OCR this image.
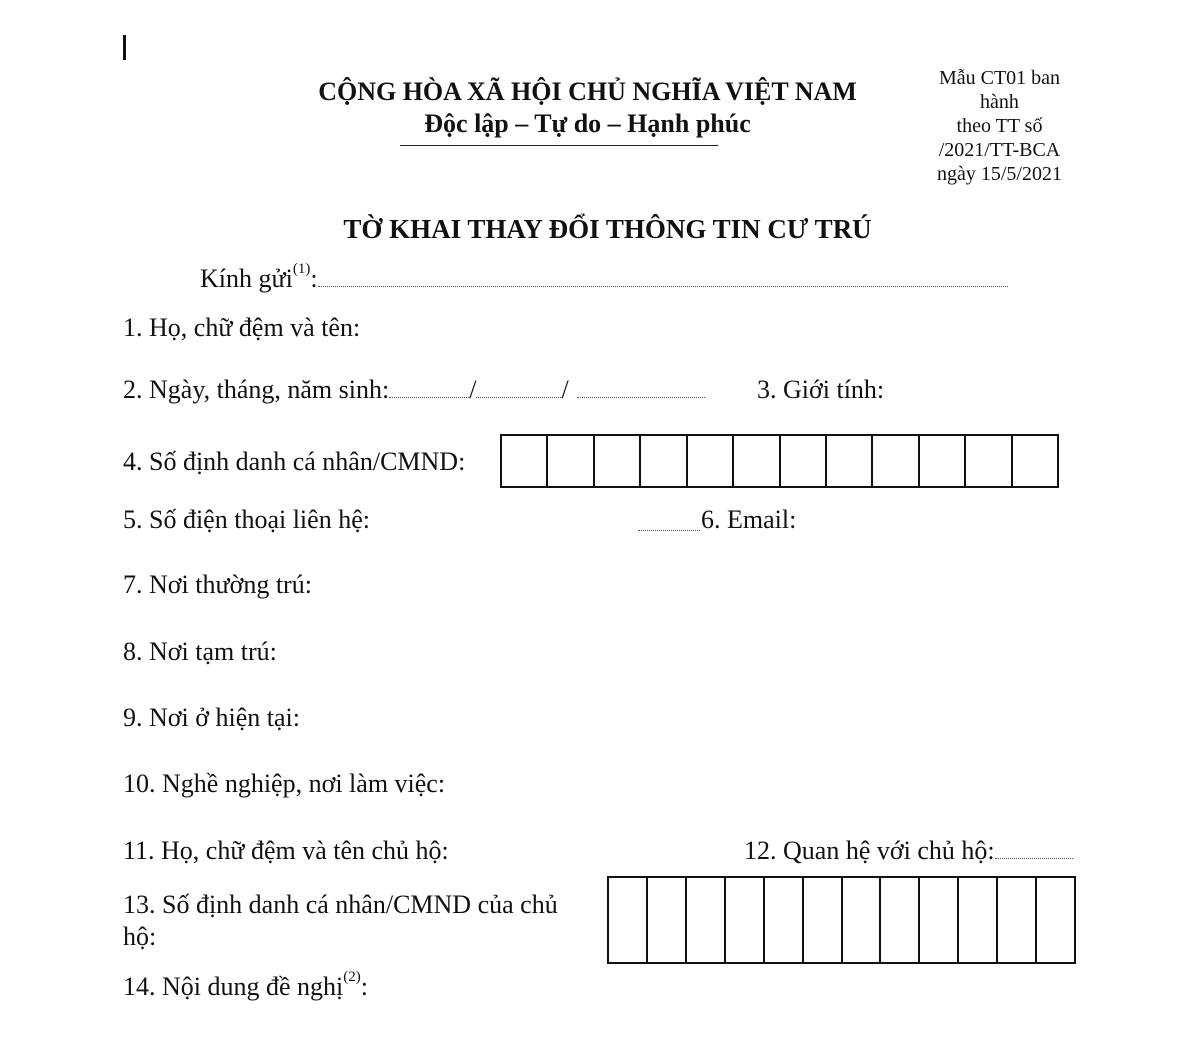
CỘNG HÒA XÃ HỘI CHỦ NGHĨA VIỆT NAM
Độc lập – Tự do – Hạnh phúc
Mẫu CT01 ban
hành
theo TT số
/2021/TT-BCA
ngày 15/5/2021
TỜ KHAI THAY ĐỔI THÔNG TIN CƯ TRÚ
Kính gửi$^{(1)}$:
1. Họ, chữ đệm và tên:
2. Ngày, tháng, năm sinh:	/	/	3. Giới tính:
4. Số định danh cá nhân/CMND:
5. Số điện thoại liên hệ:	6. Email:
7. Nơi thường trú:
8. Nơi tạm trú:
9. Nơi ở hiện tại:
10. Nghề nghiệp, nơi làm việc:
11. Họ, chữ đệm và tên chủ hộ:	12. Quan hệ với chủ hộ:
13. Số định danh cá nhân/CMND của chủ
hộ:
14. Nội dung đề nghị$^{(2)}$:
